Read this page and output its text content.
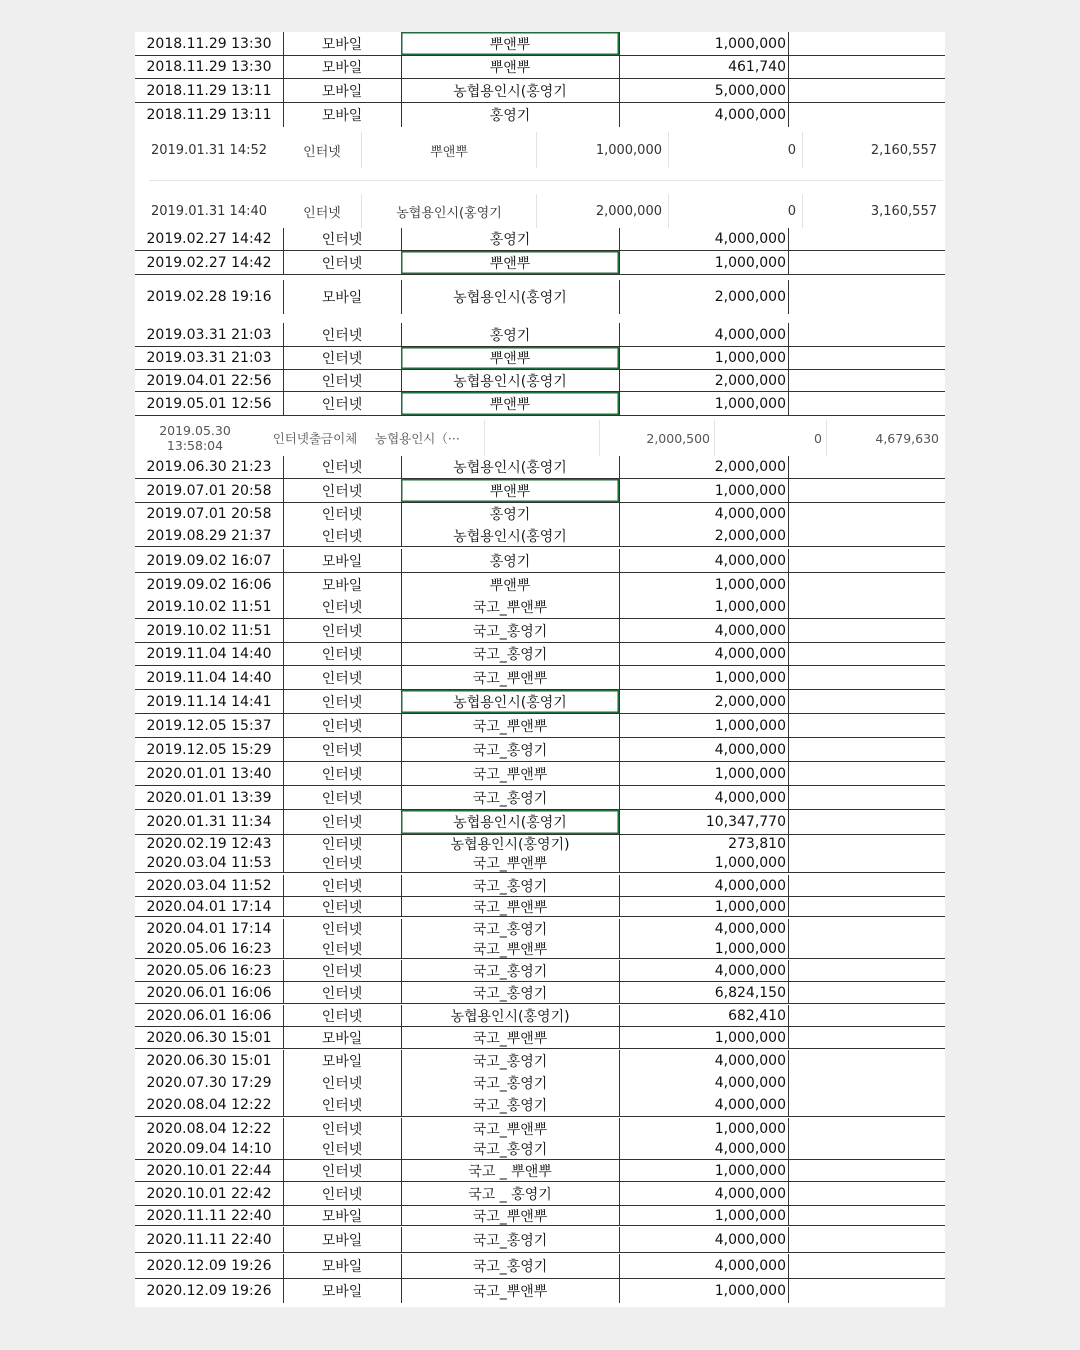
2018.11.29 13:30	모바일	뿌앤뿌	1,000,000
2018.11.29 13:30	모바일	뿌앤뿌	461,740
2018.11.29 13:11	모바일	농협용인시(홍영기	5,000,000
2018.11.29 13:11	모바일	홍영기	4,000,000
2019.01.31 14:52	인터넷	뿌앤뿌	1,000,000	0	2,160,557
2019.01.31 14:40	인터넷	농협용인시(홍영기	2,000,000	0	3,160,557
2019.02.27 14:42	인터넷	홍영기	4,000,000
2019.02.27 14:42	인터넷	뿌앤뿌	1,000,000
2019.02.28 19:16	모바일	농협용인시(홍영기	2,000,000
2019.03.31 21:03	인터넷	홍영기	4,000,000
2019.03.31 21:03	인터넷	뿌앤뿌	1,000,000
2019.04.01 22:56	인터넷	농협용인시(홍영기	2,000,000
2019.05.01 12:56	인터넷	뿌앤뿌	1,000,000
2019.05.30
13:58:04	인터넷출금이체	농협용인시（···	2,000,500	0	4,679,630
2019.06.30 21:23	인터넷	농협용인시(홍영기	2,000,000
2019.07.01 20:58	인터넷	뿌앤뿌	1,000,000
2019.07.01 20:58	인터넷	홍영기	4,000,000
2019.08.29 21:37	인터넷	농협용인시(홍영기	2,000,000
2019.09.02 16:07	모바일	홍영기	4,000,000
2019.09.02 16:06	모바일	뿌앤뿌	1,000,000
2019.10.02 11:51	인터넷	국고_뿌앤뿌	1,000,000
2019.10.02 11:51	인터넷	국고_홍영기	4,000,000
2019.11.04 14:40	인터넷	국고_홍영기	4,000,000
2019.11.04 14:40	인터넷	국고_뿌앤뿌	1,000,000
2019.11.14 14:41	인터넷	농협용인시(홍영기	2,000,000
2019.12.05 15:37	인터넷	국고_뿌앤뿌	1,000,000
2019.12.05 15:29	인터넷	국고_홍영기	4,000,000
2020.01.01 13:40	인터넷	국고_뿌앤뿌	1,000,000
2020.01.01 13:39	인터넷	국고_홍영기	4,000,000
2020.01.31 11:34	인터넷	농협용인시(홍영기	10,347,770
2020.02.19 12:43	인터넷	농협용인시(홍영기)	273,810
2020.03.04 11:53	인터넷	국고_뿌앤뿌	1,000,000
2020.03.04 11:52	인터넷	국고_홍영기	4,000,000
2020.04.01 17:14	인터넷	국고_뿌앤뿌	1,000,000
2020.04.01 17:14	인터넷	국고_홍영기	4,000,000
2020.05.06 16:23	인터넷	국고_뿌앤뿌	1,000,000
2020.05.06 16:23	인터넷	국고_홍영기	4,000,000
2020.06.01 16:06	인터넷	국고_홍영기	6,824,150
2020.06.01 16:06	인터넷	농협용인시(홍영기)	682,410
2020.06.30 15:01	모바일	국고_뿌앤뿌	1,000,000
2020.06.30 15:01	모바일	국고_홍영기	4,000,000
2020.07.30 17:29	인터넷	국고_홍영기	4,000,000
2020.08.04 12:22	인터넷	국고_홍영기	4,000,000
2020.08.04 12:22	인터넷	국고_뿌앤뿌	1,000,000
2020.09.04 14:10	인터넷	국고_홍영기	4,000,000
2020.10.01 22:44	인터넷	국고 _ 뿌앤뿌	1,000,000
2020.10.01 22:42	인터넷	국고 _ 홍영기	4,000,000
2020.11.11 22:40	모바일	국고_뿌앤뿌	1,000,000
2020.11.11 22:40	모바일	국고_홍영기	4,000,000
2020.12.09 19:26	모바일	국고_홍영기	4,000,000
2020.12.09 19:26	모바일	국고_뿌앤뿌	1,000,000
